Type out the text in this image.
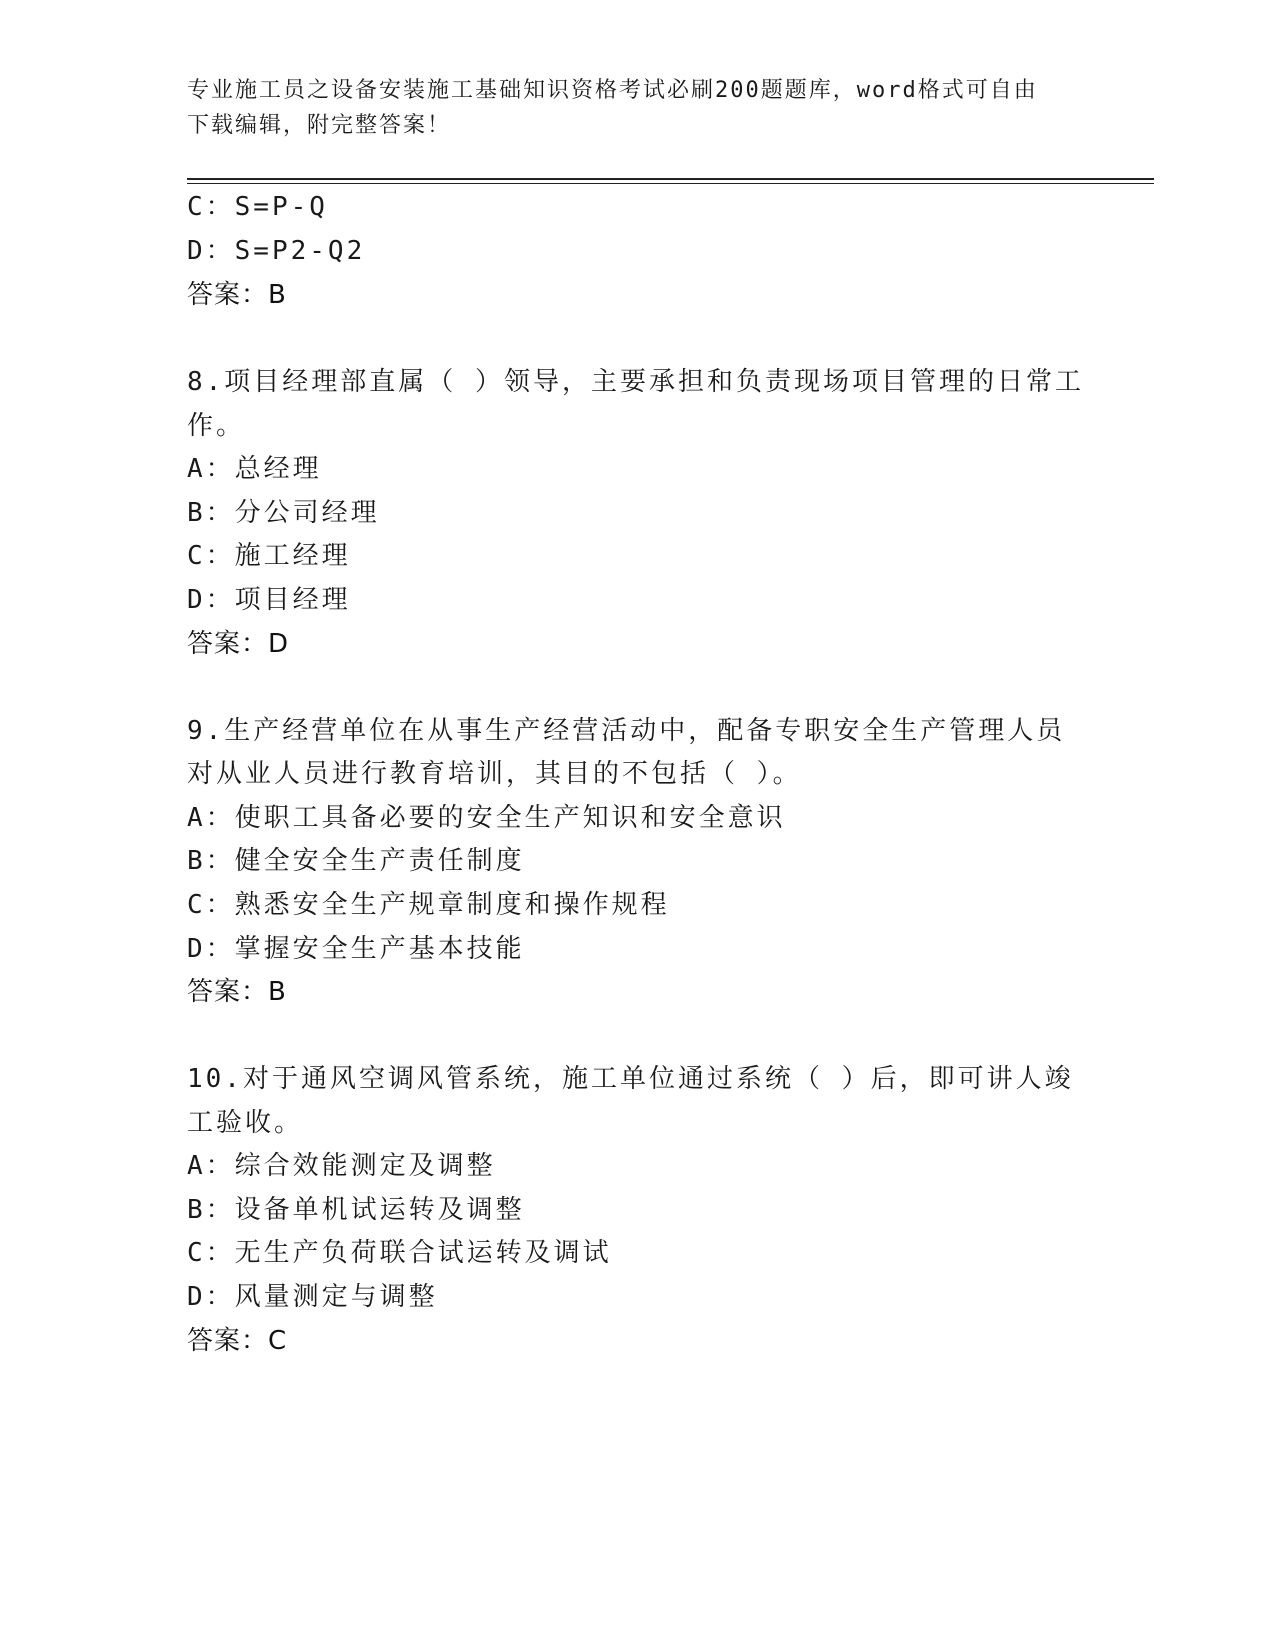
专业施工员之设备安装施工基础知识资格考试必刷200题题库，word格式可自由
下载编辑，附完整答案！
C：S=P-Q
D：S=P2-Q2
答案：B
8.项目经理部直属（ ）领导，主要承担和负责现场项目管理的日常工
作。
A：总经理
B：分公司经理
C：施工经理
D：项目经理
答案：D
9.生产经营单位在从事生产经营活动中，配备专职安全生产管理人员
对从业人员进行教育培训，其目的不包括（ ）。
A：使职工具备必要的安全生产知识和安全意识
B：健全安全生产责任制度
C：熟悉安全生产规章制度和操作规程
D：掌握安全生产基本技能
答案：B
10.对于通风空调风管系统，施工单位通过系统（ ）后，即可讲人竣
工验收。
A：综合效能测定及调整
B：设备单机试运转及调整
C：无生产负荷联合试运转及调试
D：风量测定与调整
答案：C
